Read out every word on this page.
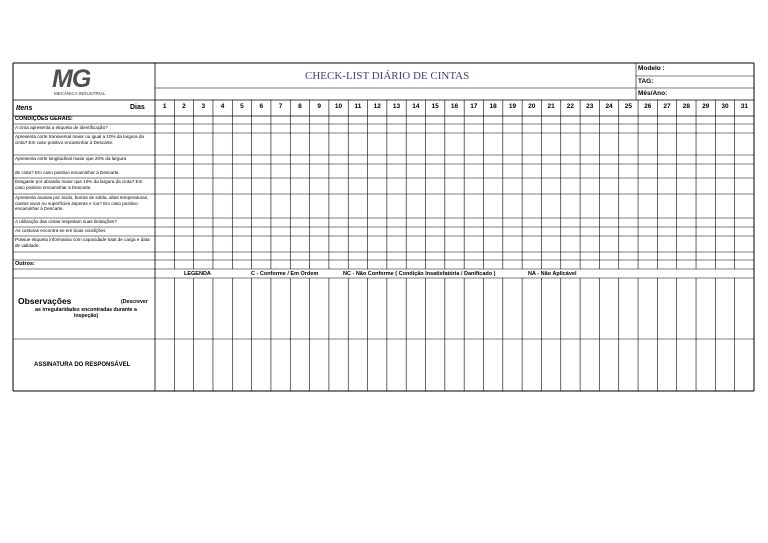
MG
MECÂNICA INDUSTRIAL
CHECK-LIST DIÁRIO DE CINTAS
Modelo :
TAG:
Mês/Ano:
Itens	Dias	1	2	3	4	5	6	7	8	9	10	11	12	13	14	15	16	17	18	19	20	21	22	23	24	25	26	27	28	29	30	31
CONDIÇÕES GERAIS:
A cinta apresenta a etiqueta de identificação?
Apresenta corte transversal maior ou igual a 10% da largura da cinta? Em caso positivo encaminhar à Descarte.
Apresenta corte longitudinal maior que 20% da largura
de cinta? Em caso positivo encaminhar à Descarte.
Desgaste por abrasão maior que 10% da largura da cinta? Em caso positivo encaminhar à Descarte.
Apresenta avarias por ácido, borras de solda, altas temperaturas, cantos vivos ou superfícies ásperas e /ou? Em caso positivo encaminhar à Descarte.
A utilização das cintas respeitam suas limitações?
As costuras encontra-se em boas condições
Possue etiqueta informativa com capacidade total de carga e data de validade.
Outros:
LEGENDA	C - Conforme / Em Ordem	NC - Não Conforme ( Condição Insatisfatória / Danificado )	NA - Não Aplicável
Observações	(Descrever
as irregularidades encontradas durante a inspeção)
ASSINATURA DO RESPONSÁVEL
